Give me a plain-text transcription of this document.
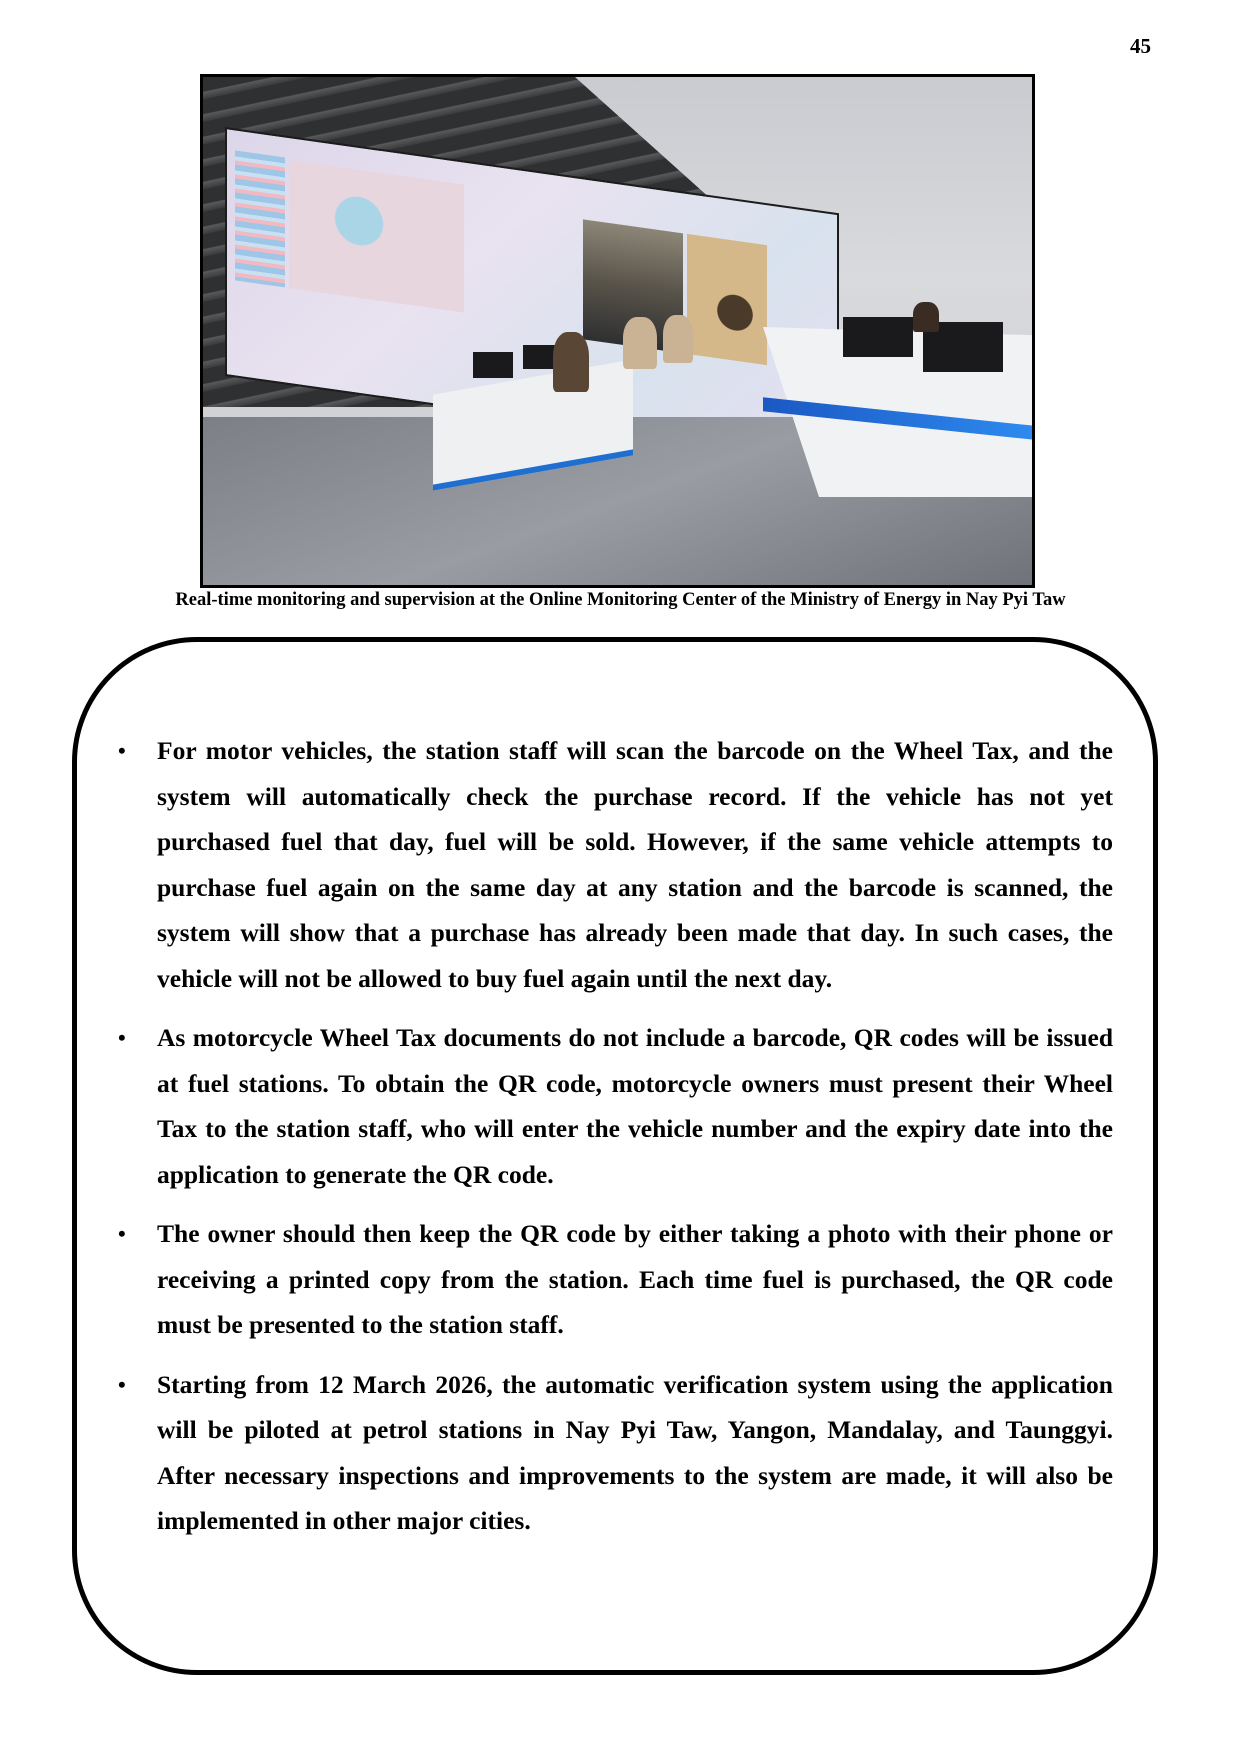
45
Real-time monitoring and supervision at the Online Monitoring Center of the Ministry of Energy in Nay Pyi Taw
• For motor vehicles, the station staff will scan the barcode on the Wheel Tax, and the system will automatically check the purchase record. If the vehicle has not yet purchased fuel that day, fuel will be sold. However, if the same vehicle attempts to purchase fuel again on the same day at any station and the barcode is scanned, the system will show that a purchase has already been made that day. In such cases, the vehicle will not be allowed to buy fuel again until the next day.
• As motorcycle Wheel Tax documents do not include a barcode, QR codes will be issued at fuel stations. To obtain the QR code, motorcycle owners must present their Wheel Tax to the station staff, who will enter the vehicle number and the expiry date into the application to generate the QR code.
• The owner should then keep the QR code by either taking a photo with their phone or receiving a printed copy from the station. Each time fuel is purchased, the QR code must be presented to the station staff.
• Starting from 12 March 2026, the automatic verification system using the application will be piloted at petrol stations in Nay Pyi Taw, Yangon, Mandalay, and Taunggyi. After necessary inspections and improvements to the system are made, it will also be implemented in other major cities.
